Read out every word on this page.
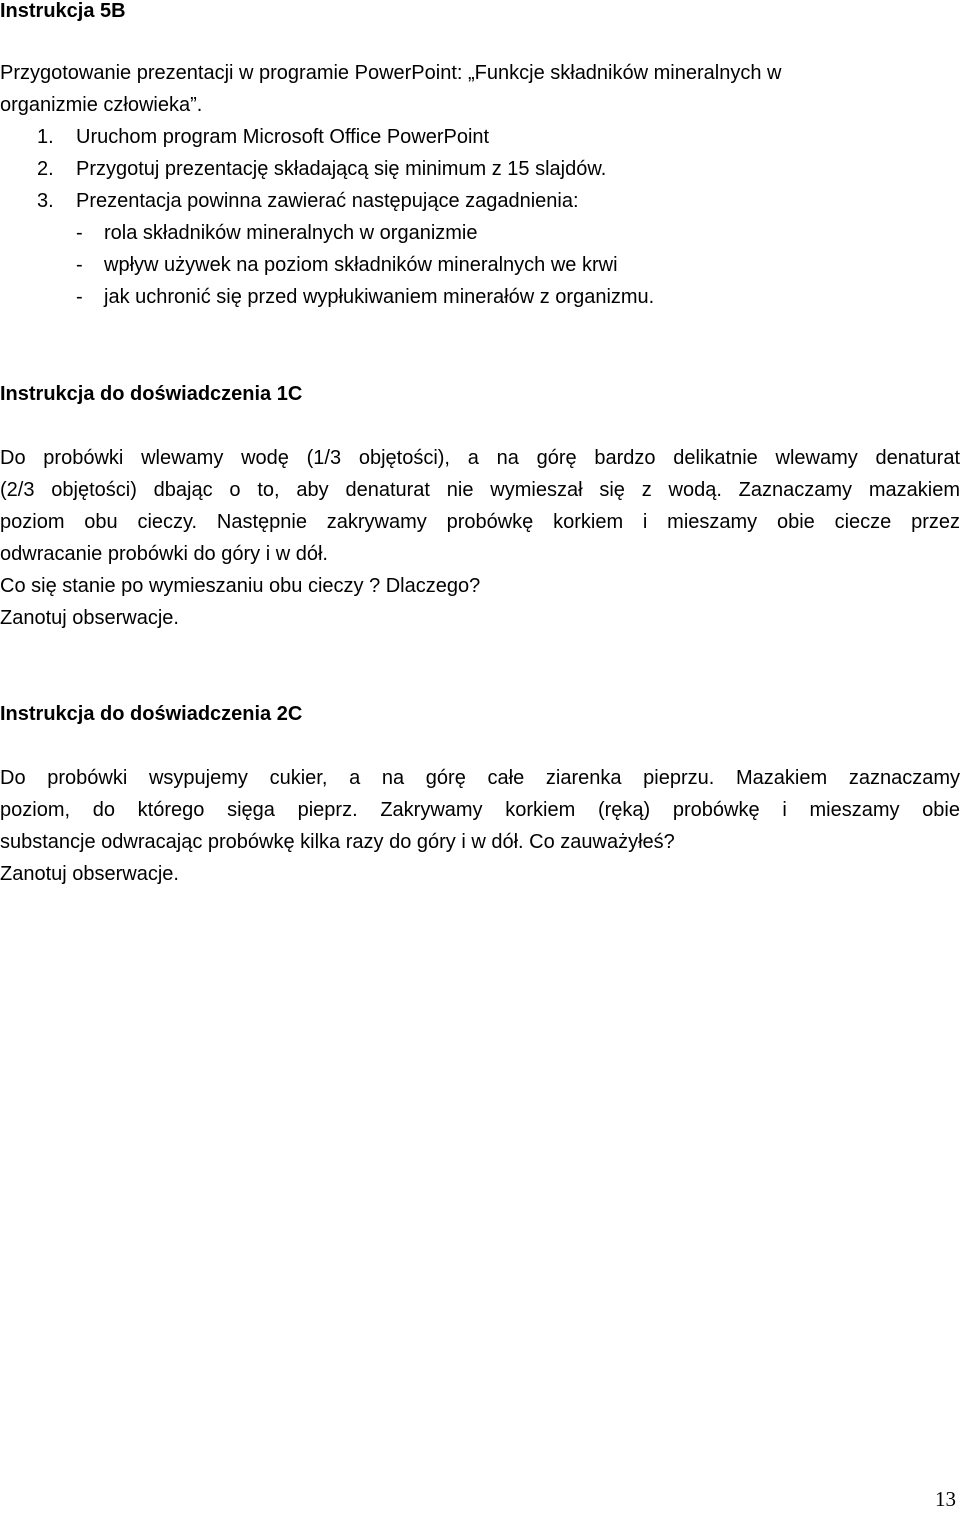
Instrukcja 5B
Przygotowanie prezentacji w programie PowerPoint: „Funkcje składników mineralnych w
organizmie człowieka”.
1. Uruchom program Microsoft Office PowerPoint
2. Przygotuj prezentację składającą się minimum z 15 slajdów.
3. Prezentacja powinna zawierać następujące zagadnienia:
- rola składników mineralnych w organizmie
- wpływ używek na poziom składników mineralnych we krwi
- jak uchronić się przed wypłukiwaniem minerałów z organizmu.
Instrukcja do doświadczenia 1C
Do probówki wlewamy wodę (1/3 objętości), a na górę bardzo delikatnie wlewamy denaturat
(2/3 objętości) dbając o to, aby denaturat nie wymieszał się z wodą. Zaznaczamy mazakiem
poziom obu cieczy. Następnie zakrywamy probówkę korkiem i mieszamy obie ciecze przez
odwracanie probówki do góry i w dół.
Co się stanie po wymieszaniu obu cieczy ? Dlaczego?
Zanotuj obserwacje.
Instrukcja do doświadczenia 2C
Do probówki wsypujemy cukier, a na górę całe ziarenka pieprzu. Mazakiem zaznaczamy
poziom, do którego sięga pieprz. Zakrywamy korkiem (ręką) probówkę i mieszamy obie
substancje odwracając probówkę kilka razy do góry i w dół. Co zauważyłeś?
Zanotuj obserwacje.
13
